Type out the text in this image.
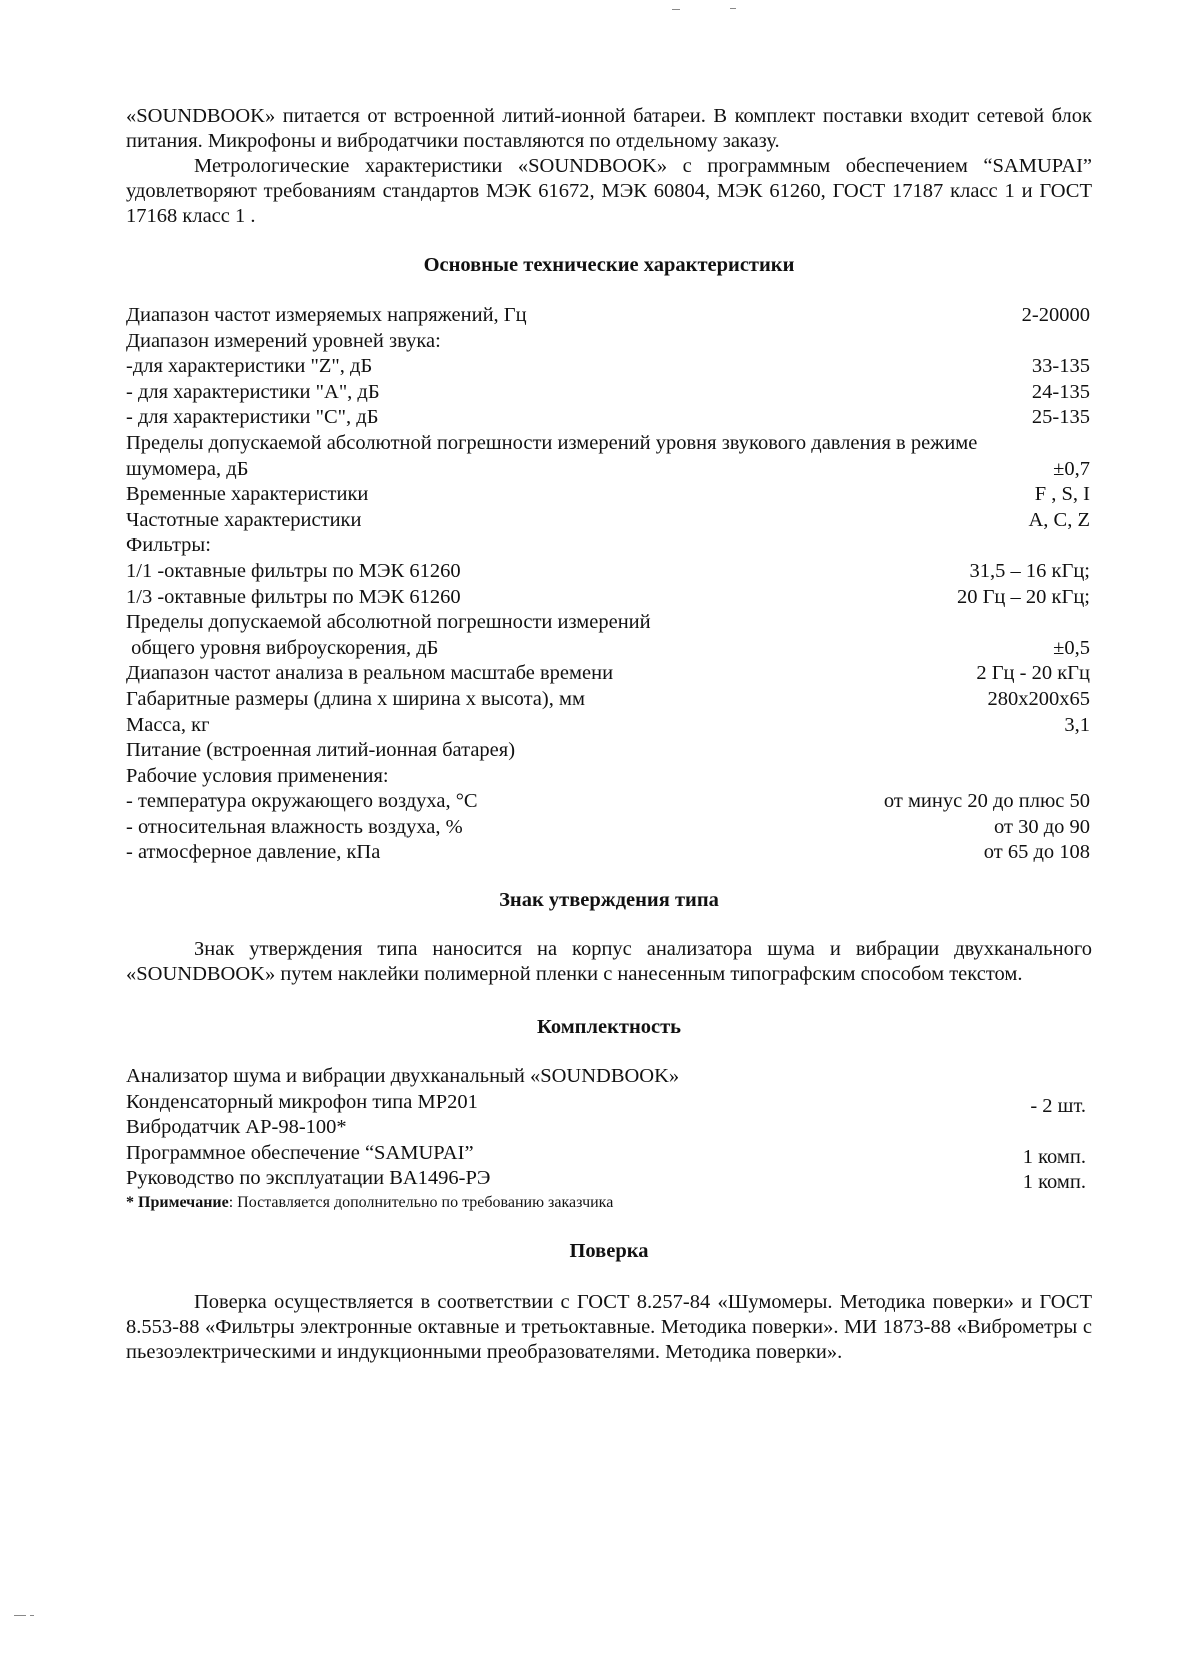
«SOUNDBOOK» питается от встроенной литий-ионной батареи. В комплект поставки входит сетевой блок питания. Микрофоны и вибродатчики поставляются по отдельному заказу.

Метрологические характеристики «SOUNDBOOK» с программным обеспечением “SAMUPAI” удовлетворяют требованиям стандартов МЭК 61672, МЭК 60804, МЭК 61260, ГОСТ 17187 класс 1 и ГОСТ 17168 класс 1 .

Основные технические характеристики
Диапазон частот измеряемых напряжений, Гц	2-20000
Диапазон измерений уровней звука:
-для характеристики "Z", дБ	33-135
- для характеристики "А", дБ	24-135
- для характеристики "С", дБ	25-135
Пределы допускаемой абсолютной погрешности измерений уровня звукового давления в режиме
шумомера, дБ	±0,7
Временные характеристики	F , S, I
Частотные характеристики	A, C, Z
Фильтры:
1/1 -октавные фильтры по МЭК 61260	31,5 – 16 кГц;
1/3 -октавные фильтры по МЭК 61260	20 Гц – 20 кГц;
Пределы допускаемой абсолютной погрешности измерений
общего уровня виброускорения, дБ	±0,5
Диапазон частот анализа в реальном масштабе времени	2 Гц - 20 кГц
Габаритные размеры (длина х ширина х высота), мм	280x200x65
Масса, кг	3,1
Питание (встроенная литий-ионная батарея)
Рабочие условия применения:
- температура окружающего воздуха, °С	от минус 20 до плюс 50
- относительная влажность воздуха, %	от 30 до 90
- атмосферное давление, кПа	от 65 до 108
Знак утверждения типа

Знак утверждения типа наносится на корпус анализатора шума и вибрации двухканального «SOUNDBOOK» путем наклейки полимерной пленки с нанесенным типографским способом текстом.

Комплектность
Анализатор шума и вибрации двухканальный «SOUNDBOOK»
Конденсаторный микрофон типа MP201	- 2 шт.
Вибродатчик AP-98-100*
Программное обеспечение “SAMUPAI”	1 комп.
Руководство по эксплуатации BA1496-РЭ	1 комп.
* Примечание: Поставляется дополнительно по требованию заказчика
Поверка

Поверка осуществляется в соответствии с ГОСТ 8.257-84 «Шумомеры. Методика поверки» и ГОСТ 8.553-88 «Фильтры электронные октавные и третьоктавные. Методика поверки». МИ 1873-88 «Виброметры с пьезоэлектрическими и индукционными преобразователями. Методика поверки».
